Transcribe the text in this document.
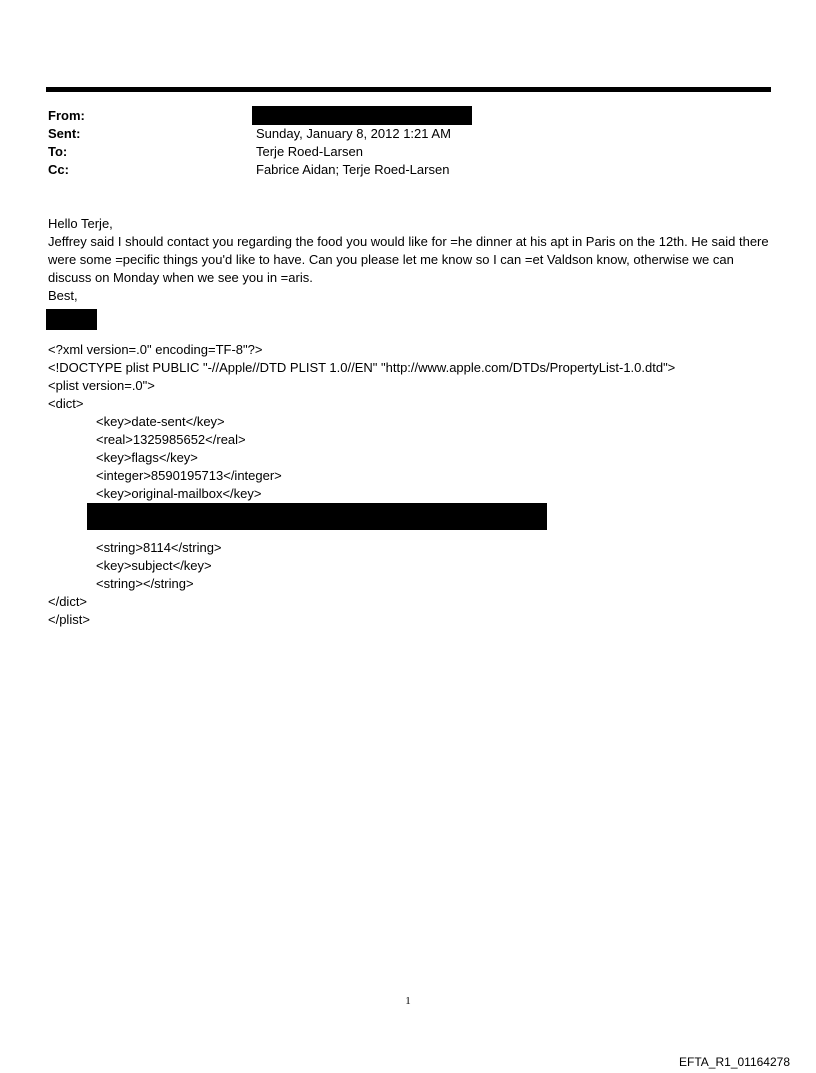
From:
Sent:	Sunday, January 8, 2012 1:21 AM
To:	Terje Roed-Larsen
Cc:	Fabrice Aidan; Terje Roed-Larsen
Hello Terje,
Jeffrey said I should contact you regarding the food you would like for =he dinner at his apt in Paris on the 12th. He said there were some =pecific things you'd like to have. Can you please let me know so I can =et Valdson know, otherwise we can discuss on Monday when we see you in =aris.
Best,
<?xml version=.0" encoding=TF-8"?>
<!DOCTYPE plist PUBLIC "-//Apple//DTD PLIST 1.0//EN" "http://www.apple.com/DTDs/PropertyList-1.0.dtd">
<plist version=.0">
<dict>
<key>date-sent</key>
<real>1325985652</real>
<key>flags</key>
<integer>8590195713</integer>
<key>original-mailbox</key>
<string>8114</string>
<key>subject</key>
<string></string>
</dict>
</plist>
1
EFTA_R1_01164278
